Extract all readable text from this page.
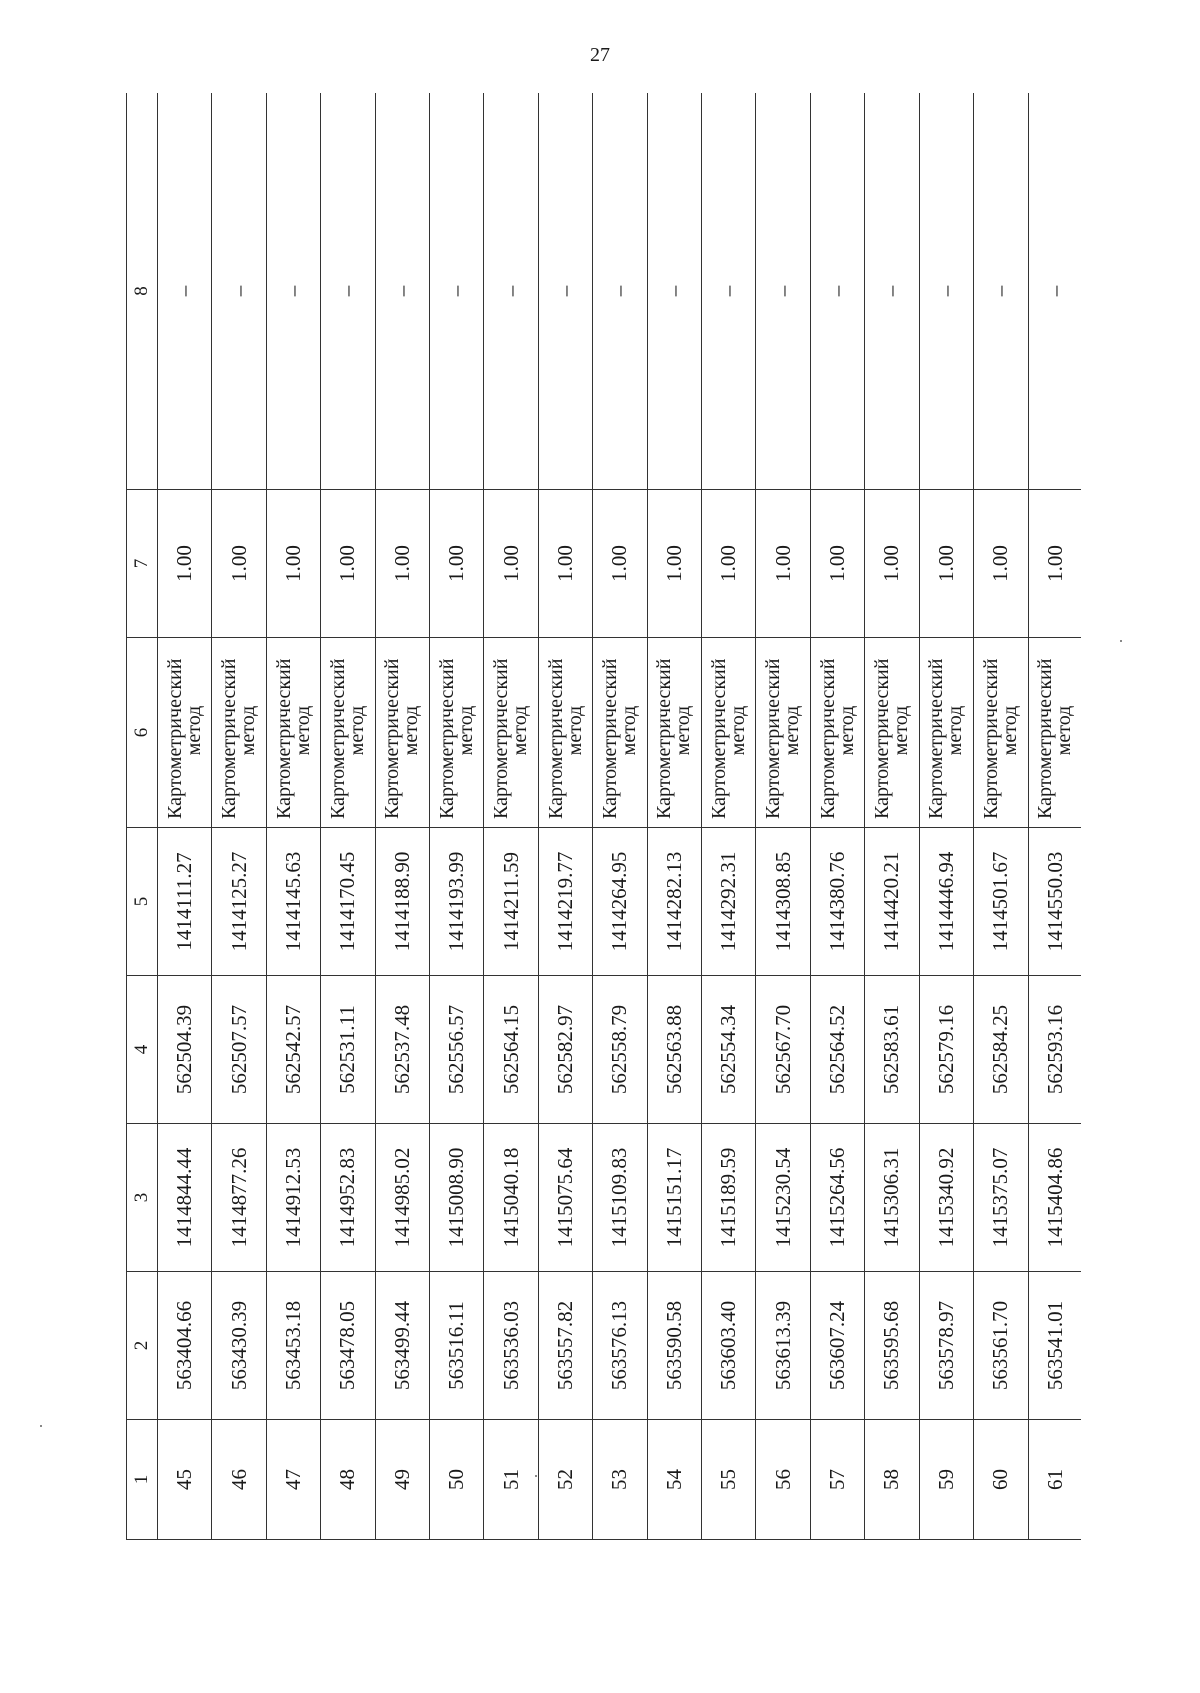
27
1	2	3	4	5	6	7	8
45	563404.66	1414844.44	562504.39	1414111.27	Картометрический
метод	1.00	–
46	563430.39	1414877.26	562507.57	1414125.27	Картометрический
метод	1.00	–
47	563453.18	1414912.53	562542.57	1414145.63	Картометрический
метод	1.00	–
48	563478.05	1414952.83	562531.11	1414170.45	Картометрический
метод	1.00	–
49	563499.44	1414985.02	562537.48	1414188.90	Картометрический
метод	1.00	–
50	563516.11	1415008.90	562556.57	1414193.99	Картометрический
метод	1.00	–
51	563536.03	1415040.18	562564.15	1414211.59	Картометрический
метод	1.00	–
52	563557.82	1415075.64	562582.97	1414219.77	Картометрический
метод	1.00	–
53	563576.13	1415109.83	562558.79	1414264.95	Картометрический
метод	1.00	–
54	563590.58	1415151.17	562563.88	1414282.13	Картометрический
метод	1.00	–
55	563603.40	1415189.59	562554.34	1414292.31	Картометрический
метод	1.00	–
56	563613.39	1415230.54	562567.70	1414308.85	Картометрический
метод	1.00	–
57	563607.24	1415264.56	562564.52	1414380.76	Картометрический
метод	1.00	–
58	563595.68	1415306.31	562583.61	1414420.21	Картометрический
метод	1.00	–
59	563578.97	1415340.92	562579.16	1414446.94	Картометрический
метод	1.00	–
60	563561.70	1415375.07	562584.25	1414501.67	Картометрический
метод	1.00	–
61	563541.01	1415404.86	562593.16	1414550.03	Картометрический
метод	1.00	–
